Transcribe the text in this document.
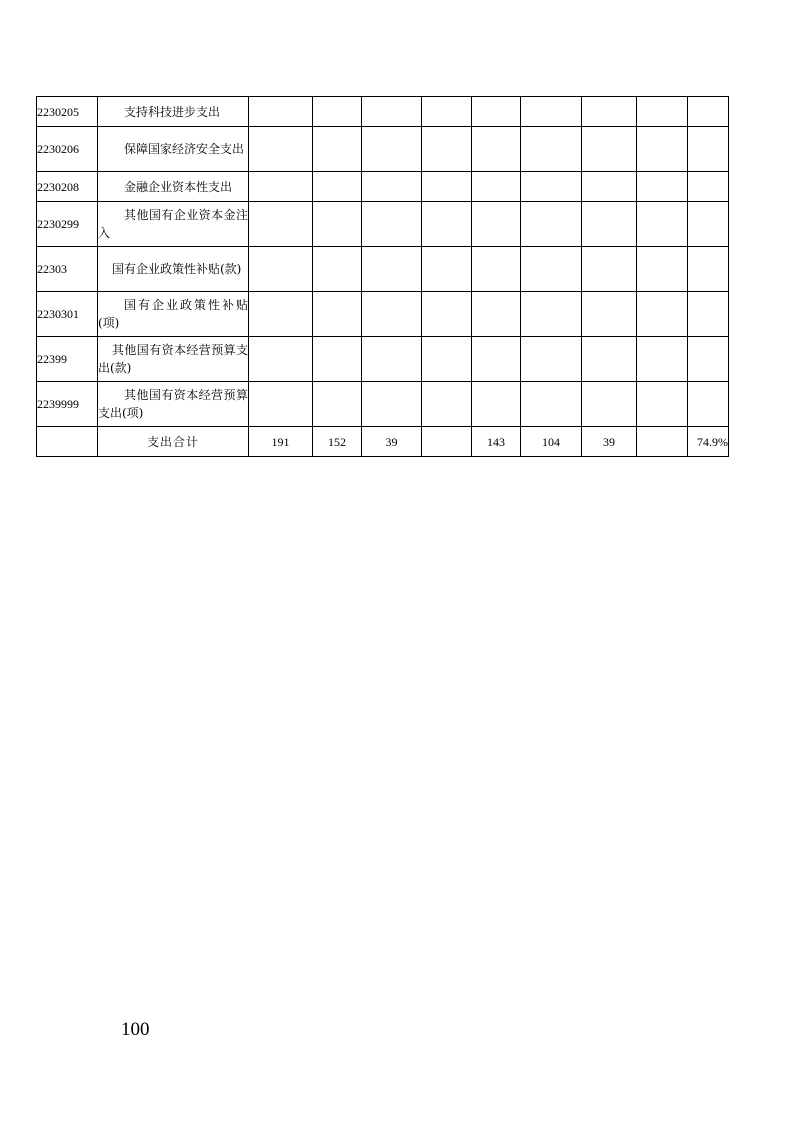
2230205	支持科技进步支出									
2230206	保障国家经济安全支出									
2230208	金融企业资本性支出									
2230299	其他国有企业资本金注入									
22303	国有企业政策性补贴(款)									
2230301	国有企业政策性补贴(项)									
22399	其他国有资本经营预算支出(款)									
2239999	其他国有资本经营预算支出(项)									
	支出合计	191	152	39		143	104	39		74.9%
100
